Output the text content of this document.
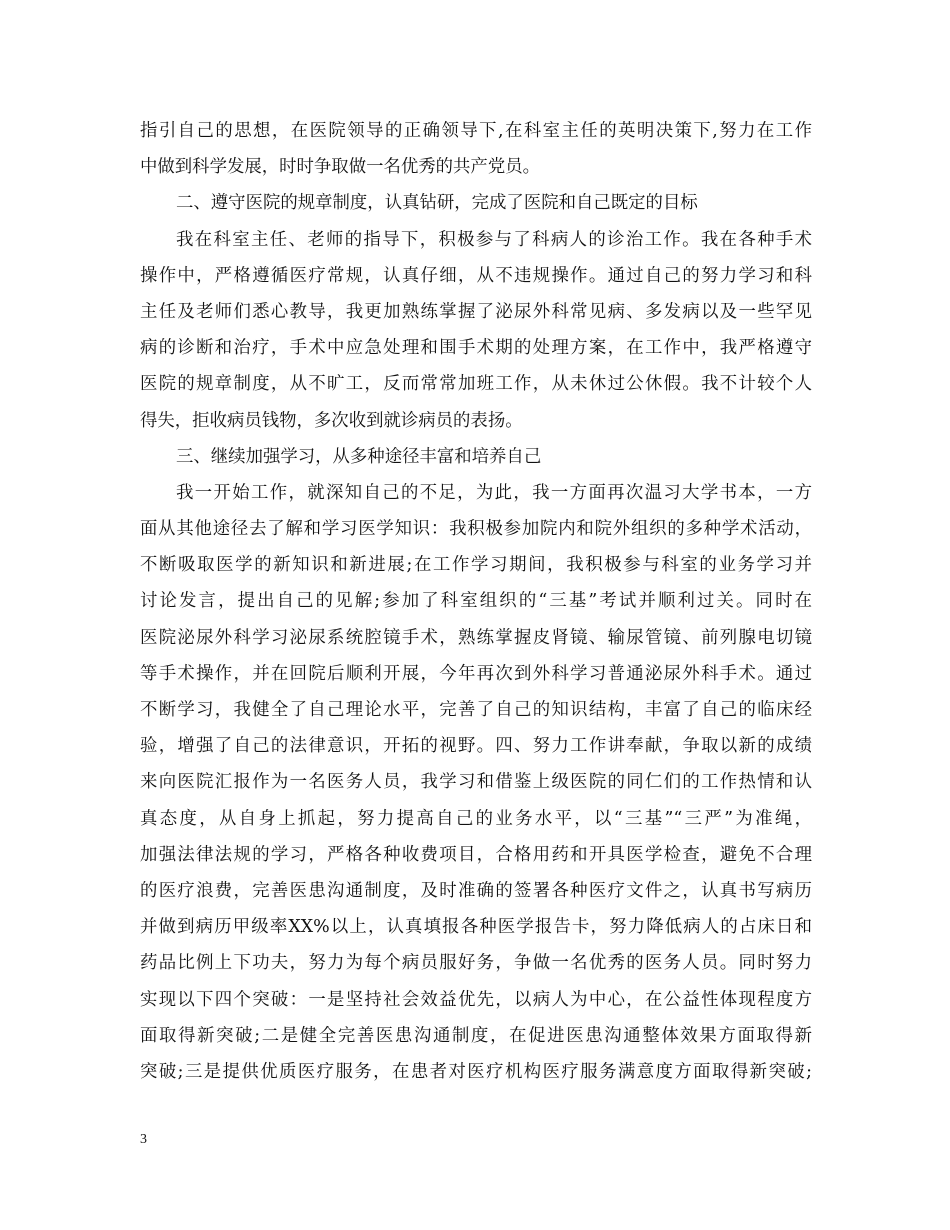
指引自己的思想，在医院领导的正确领导下,在科室主任的英明决策下,努力在工作
中做到科学发展，时时争取做一名优秀的共产党员。
二、遵守医院的规章制度，认真钻研，完成了医院和自己既定的目标
我在科室主任、老师的指导下，积极参与了科病人的诊治工作。我在各种手术
操作中，严格遵循医疗常规，认真仔细，从不违规操作。通过自己的努力学习和科
主任及老师们悉心教导，我更加熟练掌握了泌尿外科常见病、多发病以及一些罕见
病的诊断和治疗，手术中应急处理和围手术期的处理方案，在工作中，我严格遵守
医院的规章制度，从不旷工，反而常常加班工作，从未休过公休假。我不计较个人
得失，拒收病员钱物，多次收到就诊病员的表扬。
三、继续加强学习，从多种途径丰富和培养自己
我一开始工作，就深知自己的不足，为此，我一方面再次温习大学书本，一方
面从其他途径去了解和学习医学知识：我积极参加院内和院外组织的多种学术活动，
不断吸取医学的新知识和新进展;在工作学习期间，我积极参与科室的业务学习并
讨论发言，提出自己的见解;参加了科室组织的“三基”考试并顺利过关。同时在
医院泌尿外科学习泌尿系统腔镜手术，熟练掌握皮肾镜、输尿管镜、前列腺电切镜
等手术操作，并在回院后顺利开展，今年再次到外科学习普通泌尿外科手术。通过
不断学习，我健全了自己理论水平，完善了自己的知识结构，丰富了自己的临床经
验，增强了自己的法律意识，开拓的视野。四、努力工作讲奉献，争取以新的成绩
来向医院汇报作为一名医务人员，我学习和借鉴上级医院的同仁们的工作热情和认
真态度，从自身上抓起，努力提高自己的业务水平，以“三基”“三严”为准绳，
加强法律法规的学习，严格各种收费项目，合格用药和开具医学检查，避免不合理
的医疗浪费，完善医患沟通制度，及时准确的签署各种医疗文件之，认真书写病历
并做到病历甲级率XX%以上，认真填报各种医学报告卡，努力降低病人的占床日和
药品比例上下功夫，努力为每个病员服好务，争做一名优秀的医务人员。同时努力
实现以下四个突破：一是坚持社会效益优先，以病人为中心，在公益性体现程度方
面取得新突破;二是健全完善医患沟通制度，在促进医患沟通整体效果方面取得新
突破;三是提供优质医疗服务，在患者对医疗机构医疗服务满意度方面取得新突破;
3
